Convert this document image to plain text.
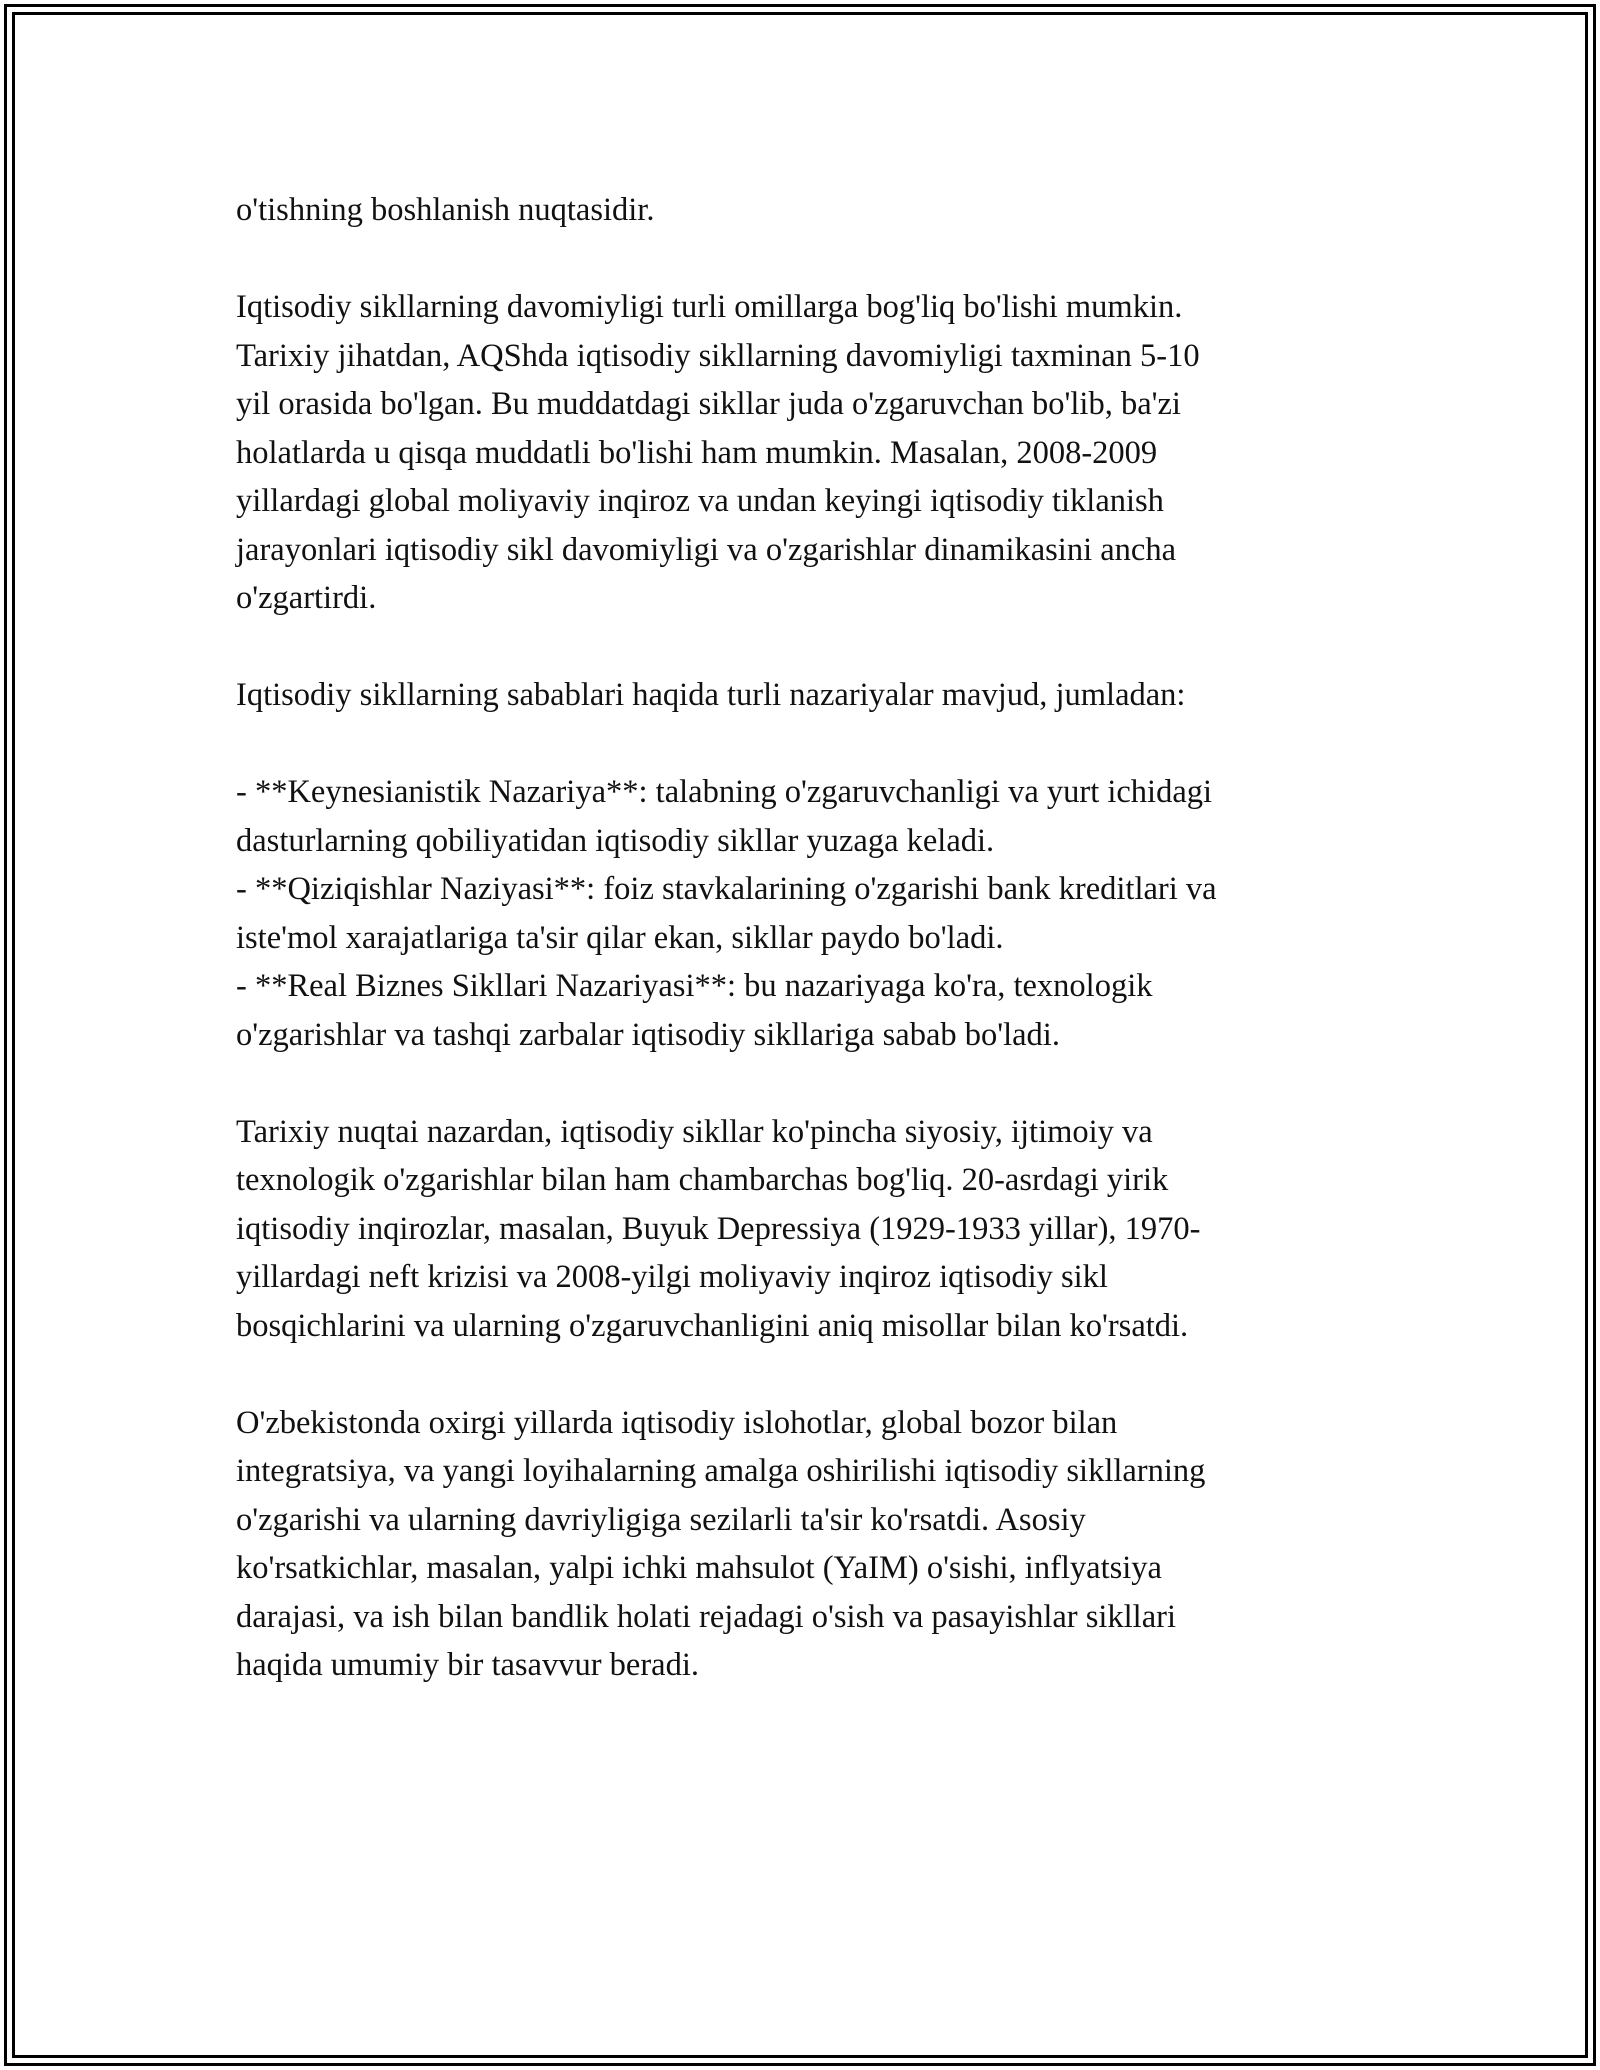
o'tishning boshlanish nuqtasidir.

Iqtisodiy sikllarning davomiyligi turli omillarga bog'liq bo'lishi mumkin.
Tarixiy jihatdan, AQShda iqtisodiy sikllarning davomiyligi taxminan 5-10
yil orasida bo'lgan. Bu muddatdagi sikllar juda o'zgaruvchan bo'lib, ba'zi
holatlarda u qisqa muddatli bo'lishi ham mumkin. Masalan, 2008-2009
yillardagi global moliyaviy inqiroz va undan keyingi iqtisodiy tiklanish
jarayonlari iqtisodiy sikl davomiyligi va o'zgarishlar dinamikasini ancha
o'zgartirdi.

Iqtisodiy sikllarning sabablari haqida turli nazariyalar mavjud, jumladan:

- **Keynesianistik Nazariya**: talabning o'zgaruvchanligi va yurt ichidagi
dasturlarning qobiliyatidan iqtisodiy sikllar yuzaga keladi.
- **Qiziqishlar Naziyasi**: foiz stavkalarining o'zgarishi bank kreditlari va
iste'mol xarajatlariga ta'sir qilar ekan, sikllar paydo bo'ladi.
- **Real Biznes Sikllari Nazariyasi**: bu nazariyaga ko'ra, texnologik
o'zgarishlar va tashqi zarbalar iqtisodiy sikllariga sabab bo'ladi.

Tarixiy nuqtai nazardan, iqtisodiy sikllar ko'pincha siyosiy, ijtimoiy va
texnologik o'zgarishlar bilan ham chambarchas bog'liq. 20-asrdagi yirik
iqtisodiy inqirozlar, masalan, Buyuk Depressiya (1929-1933 yillar), 1970-
yillardagi neft krizisi va 2008-yilgi moliyaviy inqiroz iqtisodiy sikl
bosqichlarini va ularning o'zgaruvchanligini aniq misollar bilan ko'rsatdi.

O'zbekistonda oxirgi yillarda iqtisodiy islohotlar, global bozor bilan
integratsiya, va yangi loyihalarning amalga oshirilishi iqtisodiy sikllarning
o'zgarishi va ularning davriyligiga sezilarli ta'sir ko'rsatdi. Asosiy
ko'rsatkichlar, masalan, yalpi ichki mahsulot (YaIM) o'sishi, inflyatsiya
darajasi, va ish bilan bandlik holati rejadagi o'sish va pasayishlar sikllari
haqida umumiy bir tasavvur beradi.
